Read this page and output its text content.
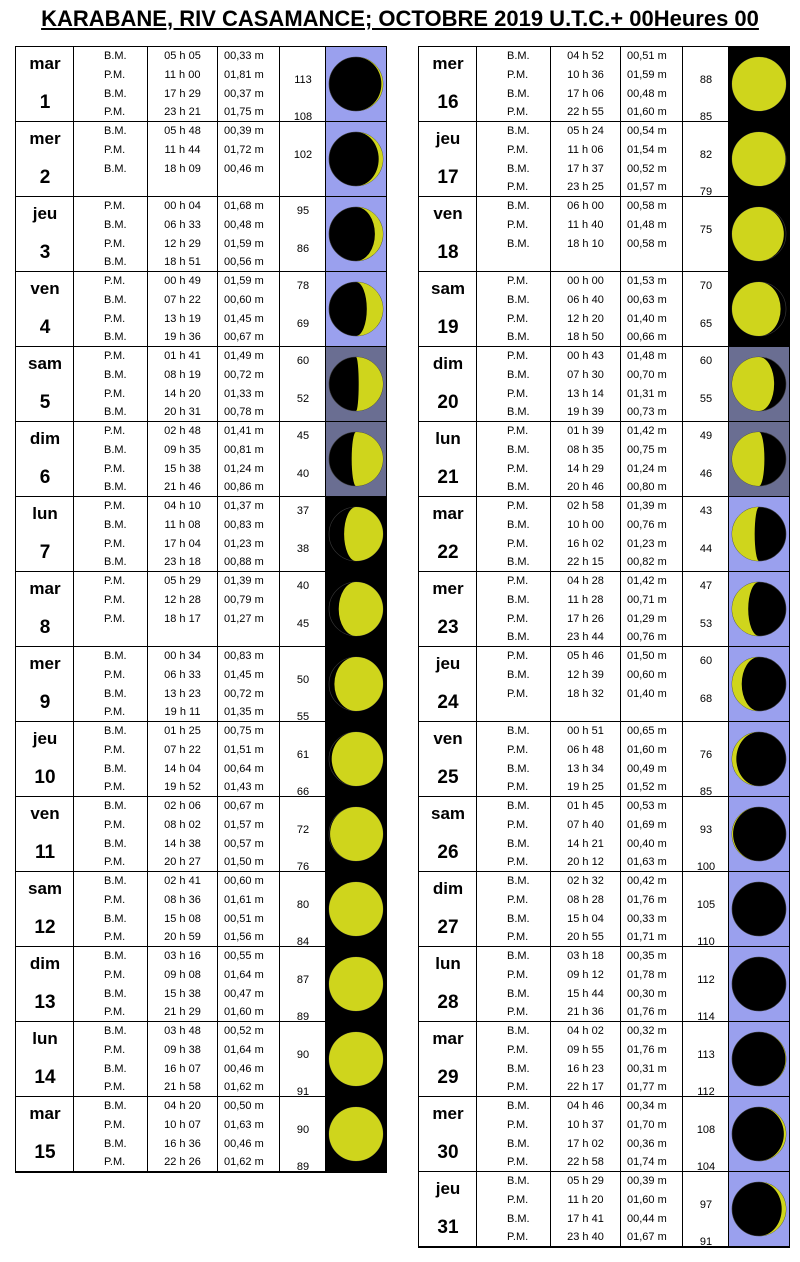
KARABANE, RIV CASAMANCE; OCTOBRE 2019 U.T.C.+ 00Heures 00
mar
1
B.M.
P.M.
B.M.
P.M.
05 h 05
11 h 00
17 h 29
23 h 21
00,33 m
01,81 m
00,37 m
01,75 m
113
108
mer
2
B.M.
P.M.
B.M.
05 h 48
11 h 44
18 h 09
00,39 m
01,72 m
00,46 m
102
jeu
3
P.M.
B.M.
P.M.
B.M.
00 h 04
06 h 33
12 h 29
18 h 51
01,68 m
00,48 m
01,59 m
00,56 m
95
86
ven
4
P.M.
B.M.
P.M.
B.M.
00 h 49
07 h 22
13 h 19
19 h 36
01,59 m
00,60 m
01,45 m
00,67 m
78
69
sam
5
P.M.
B.M.
P.M.
B.M.
01 h 41
08 h 19
14 h 20
20 h 31
01,49 m
00,72 m
01,33 m
00,78 m
60
52
dim
6
P.M.
B.M.
P.M.
B.M.
02 h 48
09 h 35
15 h 38
21 h 46
01,41 m
00,81 m
01,24 m
00,86 m
45
40
lun
7
P.M.
B.M.
P.M.
B.M.
04 h 10
11 h 08
17 h 04
23 h 18
01,37 m
00,83 m
01,23 m
00,88 m
37
38
mar
8
P.M.
P.M.
P.M.
05 h 29
12 h 28
18 h 17
01,39 m
00,79 m
01,27 m
40
45
mer
9
B.M.
P.M.
B.M.
P.M.
00 h 34
06 h 33
13 h 23
19 h 11
00,83 m
01,45 m
00,72 m
01,35 m
50
55
jeu
10
B.M.
P.M.
B.M.
P.M.
01 h 25
07 h 22
14 h 04
19 h 52
00,75 m
01,51 m
00,64 m
01,43 m
61
66
ven
11
B.M.
P.M.
B.M.
P.M.
02 h 06
08 h 02
14 h 38
20 h 27
00,67 m
01,57 m
00,57 m
01,50 m
72
76
sam
12
B.M.
P.M.
B.M.
P.M.
02 h 41
08 h 36
15 h 08
20 h 59
00,60 m
01,61 m
00,51 m
01,56 m
80
84
dim
13
B.M.
P.M.
B.M.
P.M.
03 h 16
09 h 08
15 h 38
21 h 29
00,55 m
01,64 m
00,47 m
01,60 m
87
89
lun
14
B.M.
P.M.
B.M.
P.M.
03 h 48
09 h 38
16 h 07
21 h 58
00,52 m
01,64 m
00,46 m
01,62 m
90
91
mar
15
B.M.
P.M.
B.M.
P.M.
04 h 20
10 h 07
16 h 36
22 h 26
00,50 m
01,63 m
00,46 m
01,62 m
90
89
mer
16
B.M.
P.M.
B.M.
P.M.
04 h 52
10 h 36
17 h 06
22 h 55
00,51 m
01,59 m
00,48 m
01,60 m
88
85
jeu
17
B.M.
P.M.
B.M.
P.M.
05 h 24
11 h 06
17 h 37
23 h 25
00,54 m
01,54 m
00,52 m
01,57 m
82
79
ven
18
B.M.
P.M.
B.M.
06 h 00
11 h 40
18 h 10
00,58 m
01,48 m
00,58 m
75
sam
19
P.M.
B.M.
P.M.
B.M.
00 h 00
06 h 40
12 h 20
18 h 50
01,53 m
00,63 m
01,40 m
00,66 m
70
65
dim
20
P.M.
B.M.
P.M.
B.M.
00 h 43
07 h 30
13 h 14
19 h 39
01,48 m
00,70 m
01,31 m
00,73 m
60
55
lun
21
P.M.
B.M.
P.M.
B.M.
01 h 39
08 h 35
14 h 29
20 h 46
01,42 m
00,75 m
01,24 m
00,80 m
49
46
mar
22
P.M.
B.M.
P.M.
B.M.
02 h 58
10 h 00
16 h 02
22 h 15
01,39 m
00,76 m
01,23 m
00,82 m
43
44
mer
23
P.M.
B.M.
P.M.
B.M.
04 h 28
11 h 28
17 h 26
23 h 44
01,42 m
00,71 m
01,29 m
00,76 m
47
53
jeu
24
P.M.
B.M.
P.M.
05 h 46
12 h 39
18 h 32
01,50 m
00,60 m
01,40 m
60
68
ven
25
B.M.
P.M.
B.M.
P.M.
00 h 51
06 h 48
13 h 34
19 h 25
00,65 m
01,60 m
00,49 m
01,52 m
76
85
sam
26
B.M.
P.M.
B.M.
P.M.
01 h 45
07 h 40
14 h 21
20 h 12
00,53 m
01,69 m
00,40 m
01,63 m
93
100
dim
27
B.M.
P.M.
B.M.
P.M.
02 h 32
08 h 28
15 h 04
20 h 55
00,42 m
01,76 m
00,33 m
01,71 m
105
110
lun
28
B.M.
P.M.
B.M.
P.M.
03 h 18
09 h 12
15 h 44
21 h 36
00,35 m
01,78 m
00,30 m
01,76 m
112
114
mar
29
B.M.
P.M.
B.M.
P.M.
04 h 02
09 h 55
16 h 23
22 h 17
00,32 m
01,76 m
00,31 m
01,77 m
113
112
mer
30
B.M.
P.M.
B.M.
P.M.
04 h 46
10 h 37
17 h 02
22 h 58
00,34 m
01,70 m
00,36 m
01,74 m
108
104
jeu
31
B.M.
P.M.
B.M.
P.M.
05 h 29
11 h 20
17 h 41
23 h 40
00,39 m
01,60 m
00,44 m
01,67 m
97
91
